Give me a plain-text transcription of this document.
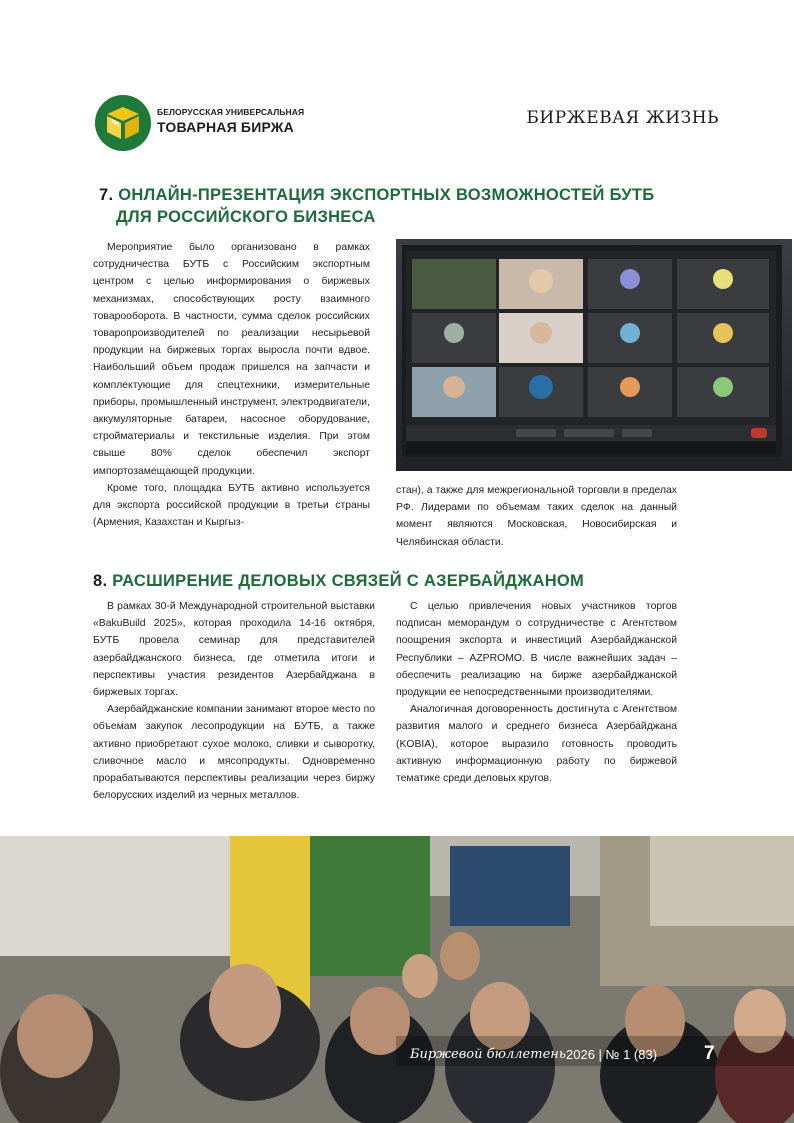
БЕЛОРУССКАЯ УНИВЕРСАЛЬНАЯ
ТОВАРНАЯ БИРЖА	БИРЖЕВАЯ ЖИЗНЬ
7. ОНЛАЙН-ПРЕЗЕНТАЦИЯ ЭКСПОРТНЫХ ВОЗМОЖНОСТЕЙ БУТБ
ДЛЯ РОССИЙСКОГО БИЗНЕСА

Мероприятие было организовано в рамках сотрудничества БУТБ с Российским экспортным центром с целью информирования о биржевых механизмах, способствующих росту взаимного товарооборота. В частности, сумма сделок российских товаропроизводителей по реализации несырьевой продукции на биржевых торгах выросла почти вдвое. Наибольший объем продаж пришелся на запчасти и комплектующие для спецтехники, измерительные приборы, промышленный инструмент, электродвигатели, аккумуляторные батареи, насосное оборудование, стройматериалы и текстильные изделия. При этом свыше 80% сделок обеспечил экспорт импортозамещающей продукции.

Кроме того, площадка БУТБ активно используется для экспорта российской продукции в третьи страны (Армения, Казахстан и Кыргыз-

стан), а также для межрегиональной торговли в пределах РФ. Лидерами по объемам таких сделок на данный момент являются Московская, Новосибирская и Челябинская области.

8. РАСШИРЕНИЕ ДЕЛОВЫХ СВЯЗЕЙ С АЗЕРБАЙДЖАНОМ

В рамках 30-й Международной строительной выставки «BakuBuild 2025», которая проходила 14-16 октября, БУТБ провела семинар для представителей азербайджанского бизнеса, где отметила итоги и перспективы участия резидентов Азербайджана в биржевых торгах.

Азербайджанские компании занимают второе место по объемам закупок лесопродукции на БУТБ, а также активно приобретают сухое молоко, сливки и сыворотку, сливочное масло и мясопродукты. Одновременно прорабатываются перспективы реализации через биржу белорусских изделий из черных металлов.

С целью привлечения новых участников торгов подписан меморандум о сотрудничестве с Агентством поощрения экспорта и инвестиций Азербайджанской Республики – AZPROMO. В числе важнейших задач – обеспечить реализацию на бирже азербайджанской продукции ее непосредственными производителями.

Аналогичная договоренность достигнута с Агентством развития малого и среднего бизнеса Азербайджана (KOBIA), которое выразило готовность проводить активную информационную работу по биржевой тематике среди деловых кругов.

Биржевой бюллетень 2026 | № 1 (83) 7
